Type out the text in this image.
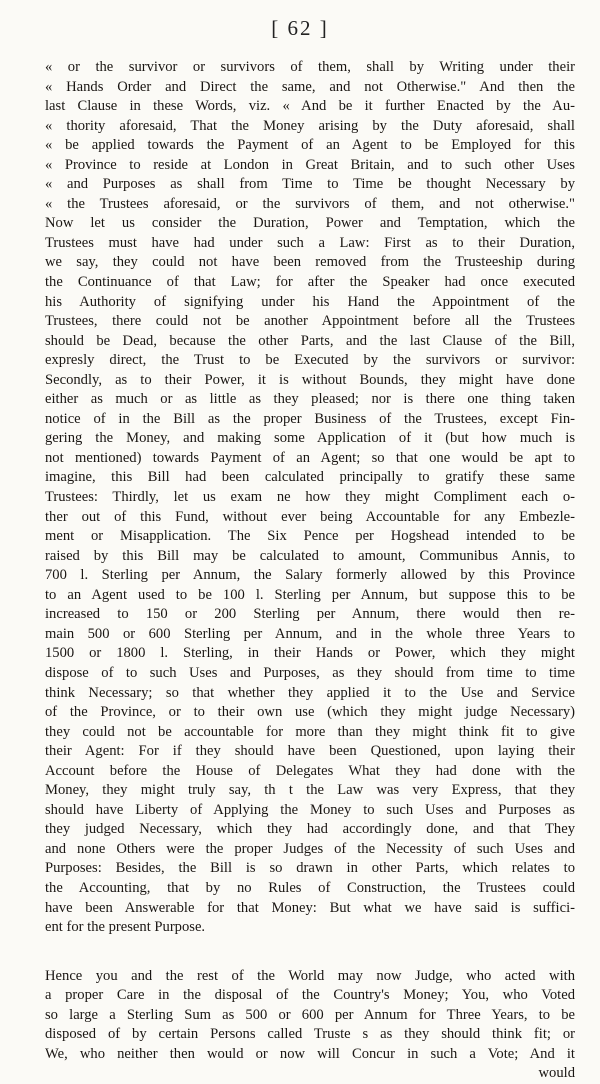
[ 62 ]
« or the survivor or survivors of them, shall by Writing under their
« Hands Order and Direct the same, and not Otherwise." And then the
last Clause in these Words, viz. « And be it further Enacted by the Au-
« thority aforesaid, That the Money arising by the Duty aforesaid, shall
« be applied towards the Payment of an Agent to be Employed for this
« Province to reside at London in Great Britain, and to such other Uses
« and Purposes as shall from Time to Time be thought Necessary by
« the Trustees aforesaid, or the survivors of them, and not otherwise."
Now let us consider the Duration, Power and Temptation, which the
Trustees must have had under such a Law: First as to their Duration,
we say, they could not have been removed from the Trusteeship during
the Continuance of that Law; for after the Speaker had once executed
his Authority of signifying under his Hand the Appointment of the
Trustees, there could not be another Appointment before all the Trustees
should be Dead, because the other Parts, and the last Clause of the Bill,
expresly direct, the Trust to be Executed by the survivors or survivor:
Secondly, as to their Power, it is without Bounds, they might have done
either as much or as little as they pleased; nor is there one thing taken
notice of in the Bill as the proper Business of the Trustees, except Fin-
gering the Money, and making some Application of it (but how much is
not mentioned) towards Payment of an Agent; so that one would be apt to
imagine, this Bill had been calculated principally to gratify these same
Trustees: Thirdly, let us exam ne how they might Compliment each o-
ther out of this Fund, without ever being Accountable for any Embezle-
ment or Misapplication. The Six Pence per Hogshead intended to be
raised by this Bill may be calculated to amount, Communibus Annis, to
700 l. Sterling per Annum, the Salary formerly allowed by this Province
to an Agent used to be 100 l. Sterling per Annum, but suppose this to be
increased to 150 or 200 Sterling per Annum, there would then re-
main 500 or 600 Sterling per Annum, and in the whole three Years to
1500 or 1800 l. Sterling, in their Hands or Power, which they might
dispose of to such Uses and Purposes, as they should from time to time
think Necessary; so that whether they applied it to the Use and Service
of the Province, or to their own use (which they might judge Necessary)
they could not be accountable for more than they might think fit to give
their Agent: For if they should have been Questioned, upon laying their
Account before the House of Delegates What they had done with the
Money, they might truly say, th t the Law was very Express, that they
should have Liberty of Applying the Money to such Uses and Purposes as
they judged Necessary, which they had accordingly done, and that They
and none Others were the proper Judges of the Necessity of such Uses and
Purposes: Besides, the Bill is so drawn in other Parts, which relates to
the Accounting, that by no Rules of Construction, the Trustees could
have been Answerable for that Money: But what we have said is suffici-
ent for the present Purpose.
Hence you and the rest of the World may now Judge, who acted with
a proper Care in the disposal of the Country's Money; You, who Voted
so large a Sterling Sum as 500 or 600 per Annum for Three Years, to be
disposed of by certain Persons called Truste s as they should think fit; or
We, who neither then would or now will Concur in such a Vote; And it
would
